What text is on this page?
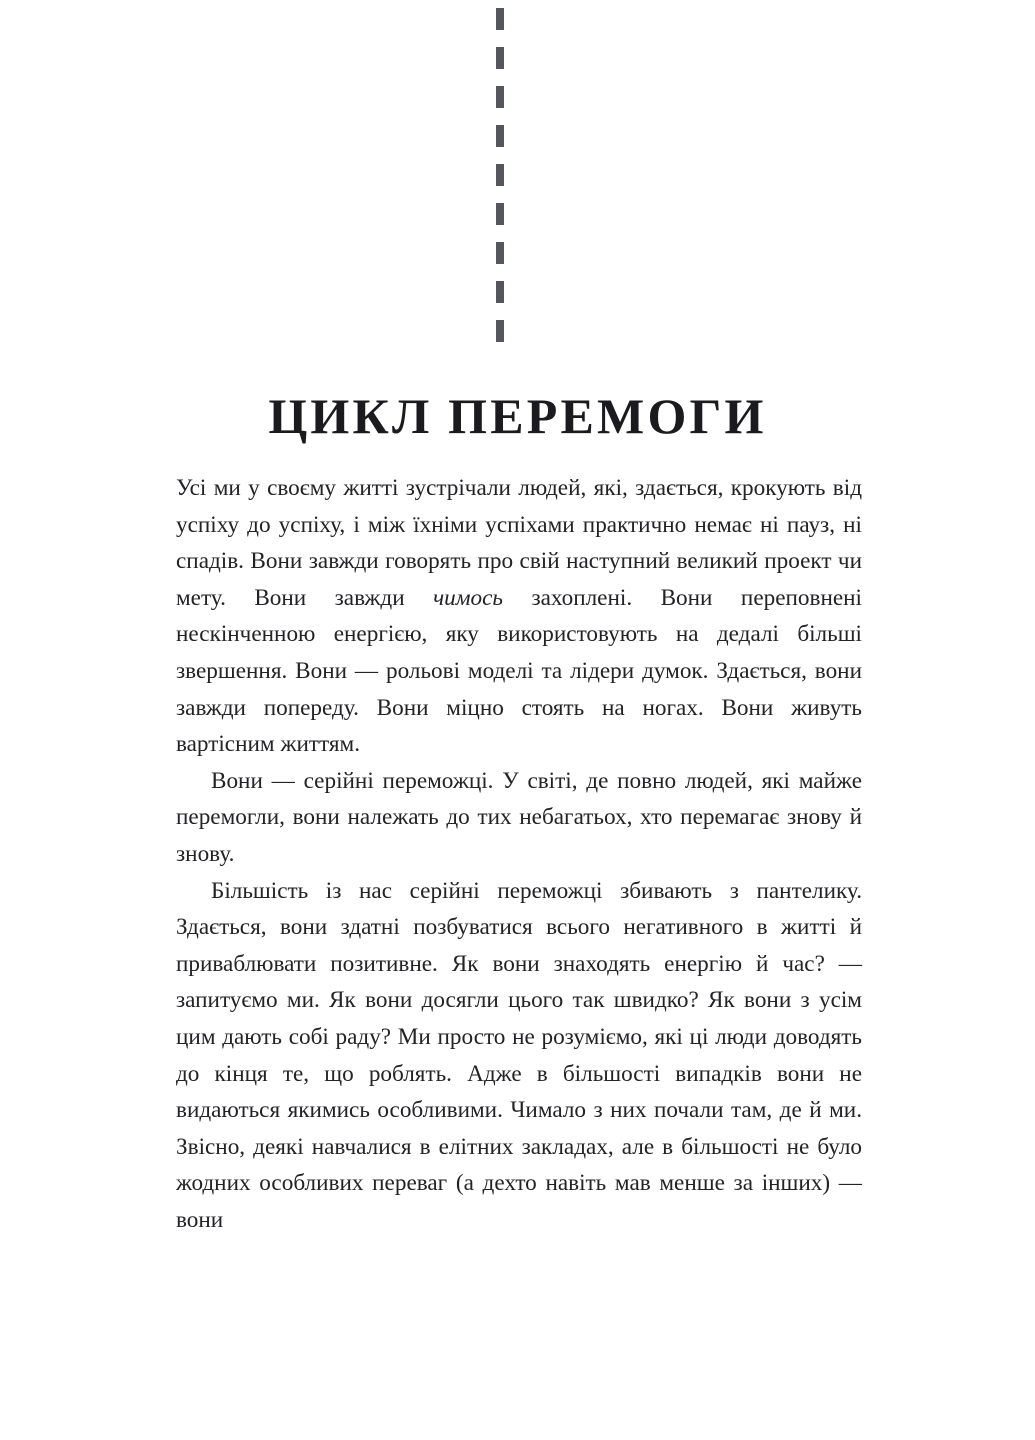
ЦИКЛ ПЕРЕМОГИ

Усі ми у своєму житті зустрічали людей, які, здається, крокують від успіху до успіху, і між їхніми успіхами практично немає ні пауз, ні спадів. Вони завжди говорять про свій наступний великий проект чи мету. Вони завжди чимось захоплені. Вони переповнені нескінченною енергією, яку використовують на дедалі більші звершення. Вони — рольові моделі та лідери думок. Здається, вони завжди попереду. Вони міцно стоять на ногах. Вони живуть вартісним життям.

Вони — серійні переможці. У світі, де повно людей, які майже перемогли, вони належать до тих небагатьох, хто перемагає знову й знову.

Більшість із нас серійні переможці збивають з пантелику. Здається, вони здатні позбуватися всього негативного в житті й приваблювати позитивне. Як вони знаходять енергію й час? — запитуємо ми. Як вони досягли цього так швидко? Як вони з усім цим дають собі раду? Ми просто не розуміємо, які ці люди доводять до кінця те, що роблять. Адже в більшості випадків вони не видаються якимись особливими. Чимало з них почали там, де й ми. Звісно, деякі навчалися в елітних закладах, але в більшості не було жодних особливих переваг (а дехто навіть мав менше за інших) — вони
